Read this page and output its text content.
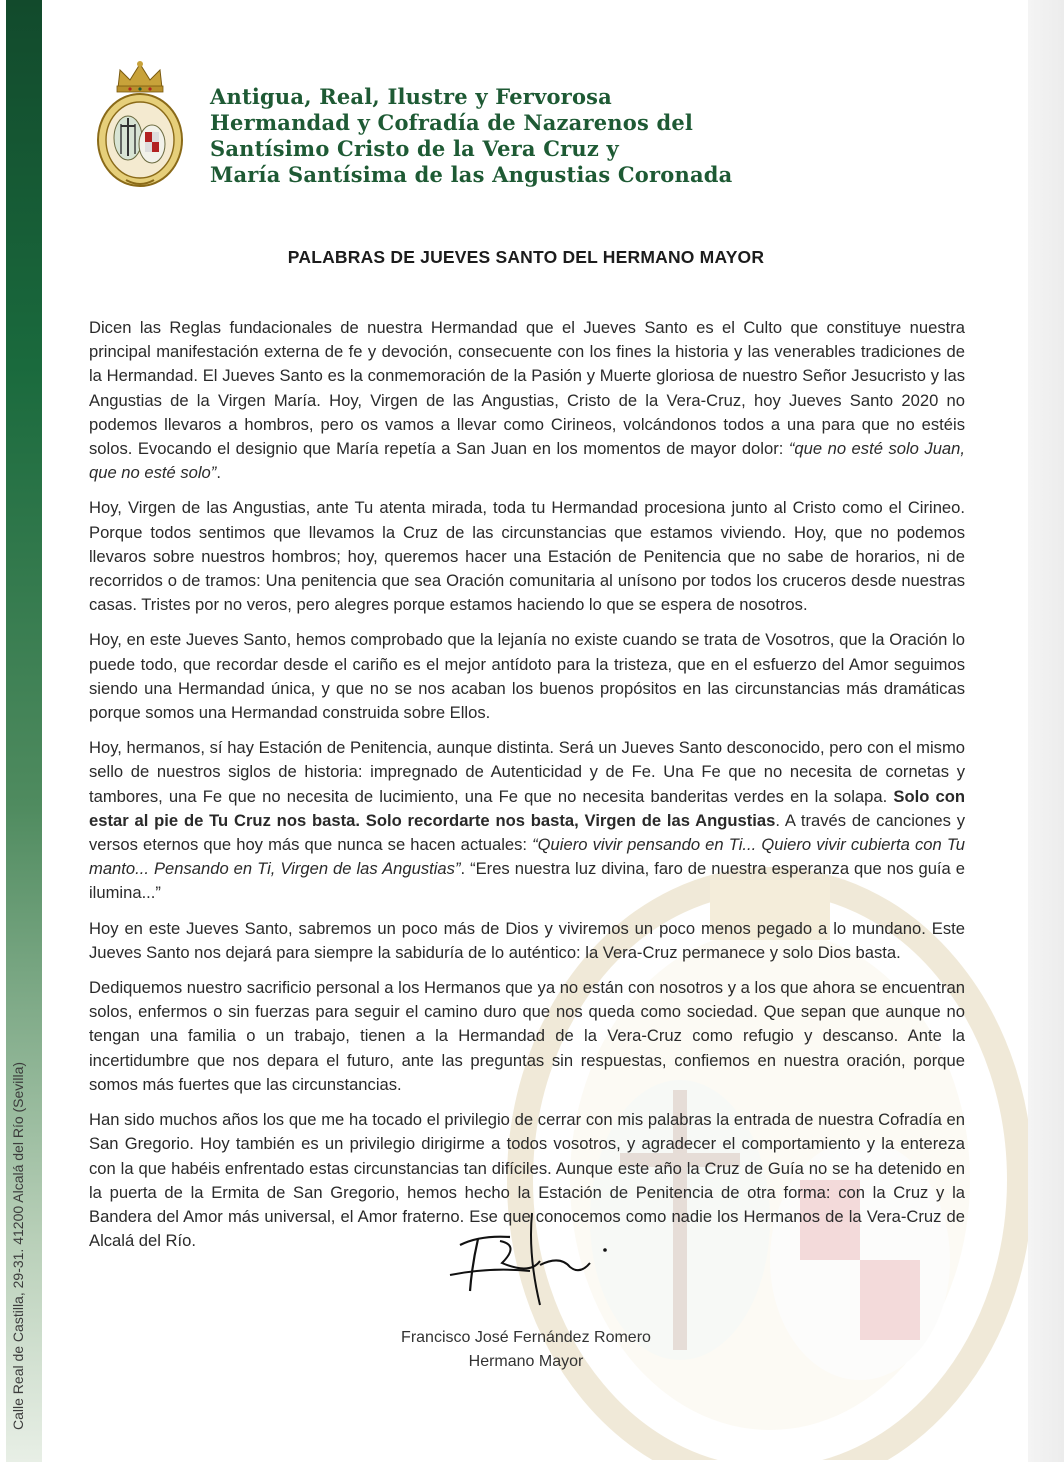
Calle Real de Castilla, 29-31. 41200 Alcalá del Río (Sevilla)
Antigua, Real, Ilustre y Fervorosa
Hermandad y Cofradía de Nazarenos del
Santísimo Cristo de la Vera Cruz y
María Santísima de las Angustias Coronada
PALABRAS DE JUEVES SANTO DEL HERMANO MAYOR

Dicen las Reglas fundacionales de nuestra Hermandad que el Jueves Santo es el Culto que constituye nuestra principal manifestación externa de fe y devoción, consecuente con los fines la historia y las venerables tradiciones de la Hermandad. El Jueves Santo es la conmemoración de la Pasión y Muerte gloriosa de nuestro Señor Jesucristo y las Angustias de la Virgen María. Hoy, Virgen de las Angustias, Cristo de la Vera-Cruz, hoy Jueves Santo 2020 no podemos llevaros a hombros, pero os vamos a llevar como Cirineos, volcándonos todos a una para que no estéis solos. Evocando el designio que María repetía a San Juan en los momentos de mayor dolor: “que no esté solo Juan, que no esté solo”.

Hoy, Virgen de las Angustias, ante Tu atenta mirada, toda tu Hermandad procesiona junto al Cristo como el Cirineo. Porque todos sentimos que llevamos la Cruz de las circunstancias que estamos viviendo. Hoy, que no podemos llevaros sobre nuestros hombros; hoy, queremos hacer una Estación de Penitencia que no sabe de horarios, ni de recorridos o de tramos: Una penitencia que sea Oración comunitaria al unísono por todos los cruceros desde nuestras casas. Tristes por no veros, pero alegres porque estamos haciendo lo que se espera de nosotros.

Hoy, en este Jueves Santo, hemos comprobado que la lejanía no existe cuando se trata de Vosotros, que la Oración lo puede todo, que recordar desde el cariño es el mejor antídoto para la tristeza, que en el esfuerzo del Amor seguimos siendo una Hermandad única, y que no se nos acaban los buenos propósitos en las circunstancias más dramáticas porque somos una Hermandad construida sobre Ellos.

Hoy, hermanos, sí hay Estación de Penitencia, aunque distinta. Será un Jueves Santo desconocido, pero con el mismo sello de nuestros siglos de historia: impregnado de Autenticidad y de Fe. Una Fe que no necesita de cornetas y tambores, una Fe que no necesita de lucimiento, una Fe que no necesita banderitas verdes en la solapa. Solo con estar al pie de Tu Cruz nos basta. Solo recordarte nos basta, Virgen de las Angustias. A través de canciones y versos eternos que hoy más que nunca se hacen actuales: “Quiero vivir pensando en Ti... Quiero vivir cubierta con Tu manto... Pensando en Ti, Virgen de las Angustias”. “Eres nuestra luz divina, faro de nuestra esperanza que nos guía e ilumina...”

Hoy en este Jueves Santo, sabremos un poco más de Dios y viviremos un poco menos pegado a lo mundano. Este Jueves Santo nos dejará para siempre la sabiduría de lo auténtico: la Vera-Cruz permanece y solo Dios basta.

Dediquemos nuestro sacrificio personal a los Hermanos que ya no están con nosotros y a los que ahora se encuentran solos, enfermos o sin fuerzas para seguir el camino duro que nos queda como sociedad. Que sepan que aunque no tengan una familia o un trabajo, tienen a la Hermandad de la Vera-Cruz como refugio y descanso. Ante la incertidumbre que nos depara el futuro, ante las preguntas sin respuestas, confiemos en nuestra oración, porque somos más fuertes que las circunstancias.

Han sido muchos años los que me ha tocado el privilegio de cerrar con mis palabras la entrada de nuestra Cofradía en San Gregorio. Hoy también es un privilegio dirigirme a todos vosotros, y agradecer el comportamiento y la entereza con la que habéis enfrentado estas circunstancias tan difíciles. Aunque este año la Cruz de Guía no se ha detenido en la puerta de la Ermita de San Gregorio, hemos hecho la Estación de Penitencia de otra forma: con la Cruz y la Bandera del Amor más universal, el Amor fraterno. Ese que conocemos como nadie los Hermanos de la Vera-Cruz de Alcalá del Río.

Francisco José Fernández Romero
Hermano Mayor
